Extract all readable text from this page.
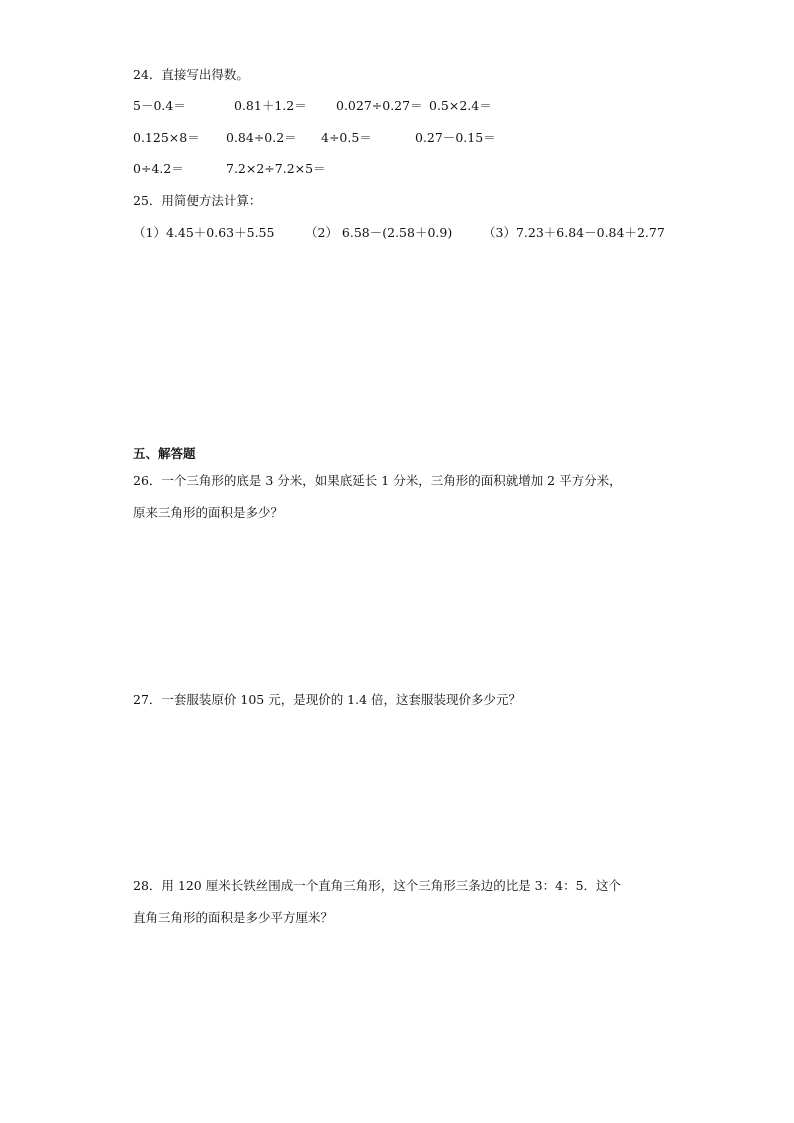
24．直接写出得数。
5－0.4＝	0.81＋1.2＝ 0.027÷0.27＝ 0.5×2.4＝
0.125×8＝ 0.84÷0.2＝ 4÷0.5＝	0.27－0.15＝
0÷4.2＝	7.2×2÷7.2×5＝
25．用简便方法计算：
（1）4.45＋0.63＋5.55 （2） 6.58－(2.58＋0.9) （3）7.23＋6.84－0.84＋2.77
五、解答题
26．一个三角形的底是 3 分米，如果底延长 1 分米，三角形的面积就增加 2 平方分米，
原来三角形的面积是多少？
27．一套服装原价 105 元，是现价的 1.4 倍，这套服装现价多少元？
28．用 120 厘米长铁丝围成一个直角三角形，这个三角形三条边的比是 3：4：5．这个
直角三角形的面积是多少平方厘米？
